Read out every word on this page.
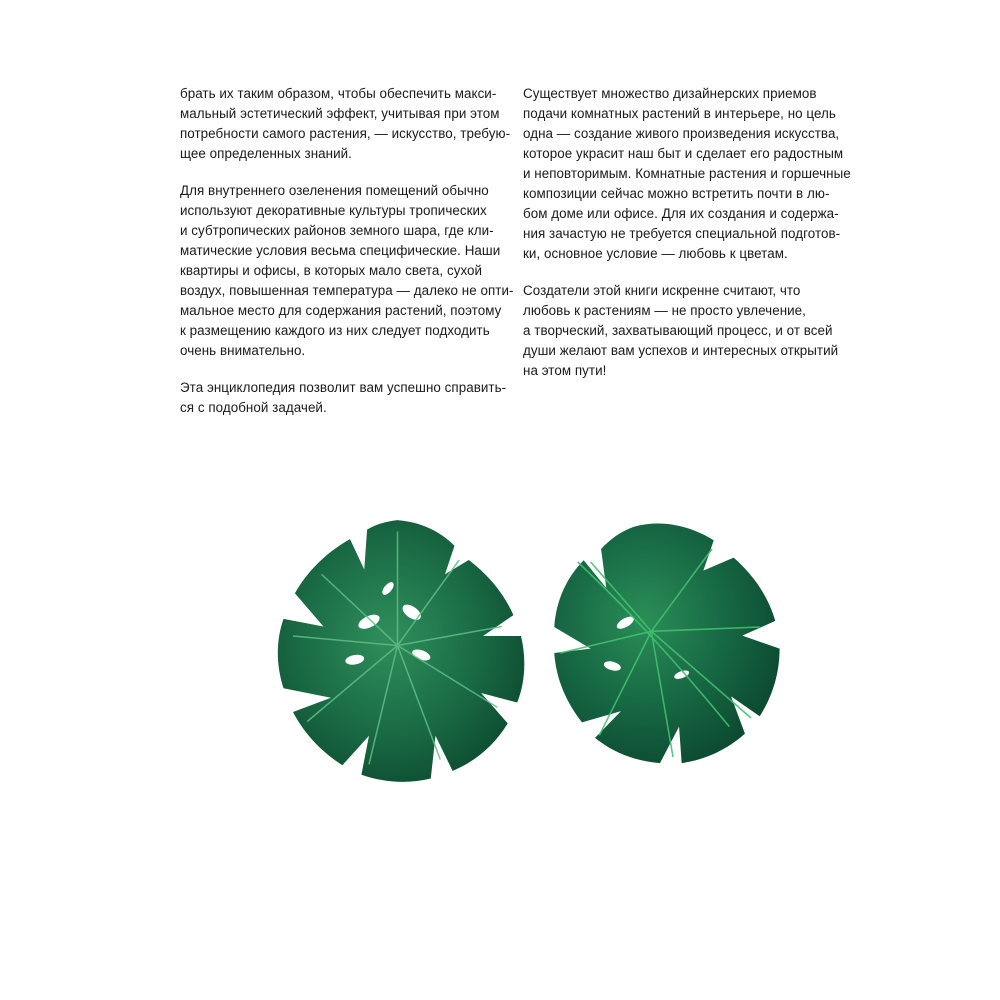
брать их таким образом, чтобы обеспечить макси-
мальный эстетический эффект, учитывая при этом
потребности самого растения, — искусство, требую-
щее определенных знаний.
Для внутреннего озеленения помещений обычно
используют декоративные культуры тропических
и субтропических районов земного шара, где кли-
матические условия весьма специфические. Наши
квартиры и офисы, в которых мало света, сухой
воздух, повышенная температура — далеко не опти-
мальное место для содержания растений, поэтому
к размещению каждого из них следует подходить
очень внимательно.
Эта энциклопедия позволит вам успешно справить-
ся с подобной задачей.
Существует множество дизайнерских приемов
подачи комнатных растений в интерьере, но цель
одна — создание живого произведения искусства,
которое украсит наш быт и сделает его радостным
и неповторимым. Комнатные растения и горшечные
композиции сейчас можно встретить почти в лю-
бом доме или офисе. Для их создания и содержа-
ния зачастую не требуется специальной подготов-
ки, основное условие — любовь к цветам.
Создатели этой книги искренне считают, что
любовь к растениям — не просто увлечение,
а творческий, захватывающий процесс, и от всей
души желают вам успехов и интересных открытий
на этом пути!
